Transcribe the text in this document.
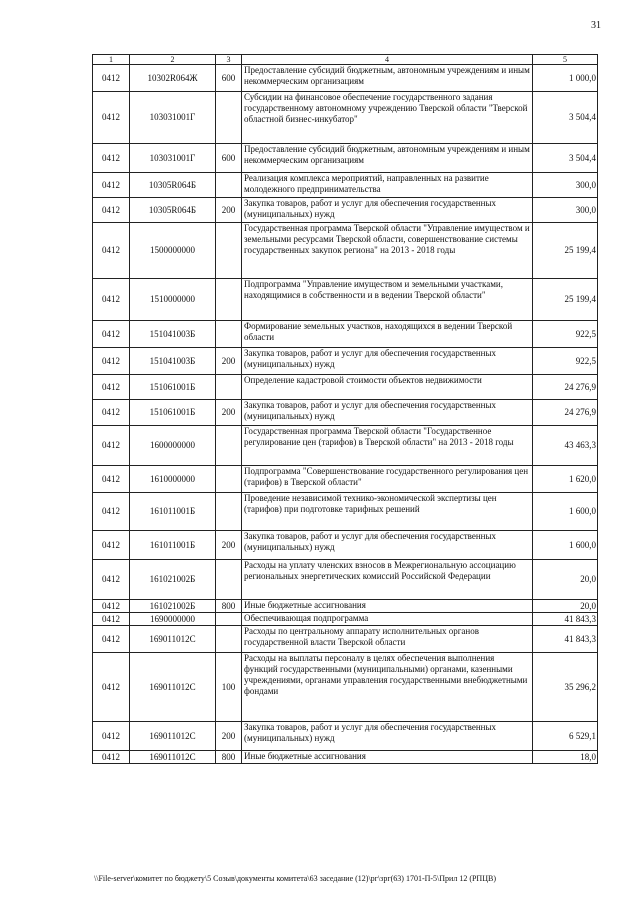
31
1	2	3	4	5
0412	10302R064Ж	600	Предоставление субсидий бюджетным, автономным учреждениям и иным некоммерческим организациям	1 000,0
0412	103031001Г		Субсидии на финансовое обеспечение государственного задания государственному автономному учреждению Тверской области "Тверской областной бизнес-инкубатор"	3 504,4
0412	103031001Г	600	Предоставление субсидий бюджетным, автономным учреждениям и иным некоммерческим организациям	3 504,4
0412	10305R064Б		Реализация комплекса мероприятий, направленных на развитие молодежного предпринимательства	300,0
0412	10305R064Б	200	Закупка товаров, работ и услуг для обеспечения государственных (муниципальных) нужд	300,0
0412	1500000000		Государственная программа Тверской области "Управление имуществом и земельными ресурсами Тверской области, совершенствование системы государственных закупок региона" на 2013 - 2018 годы	25 199,4
0412	1510000000		Подпрограмма "Управление имуществом и земельными участками, находящимися в собственности и в ведении Тверской области"	25 199,4
0412	151041003Б		Формирование земельных участков, находящихся в ведении Тверской области	922,5
0412	151041003Б	200	Закупка товаров, работ и услуг для обеспечения государственных (муниципальных) нужд	922,5
0412	151061001Б		Определение кадастровой стоимости объектов недвижимости	24 276,9
0412	151061001Б	200	Закупка товаров, работ и услуг для обеспечения государственных (муниципальных) нужд	24 276,9
0412	1600000000		Государственная программа Тверской области "Государственное регулирование цен (тарифов) в Тверской области" на 2013 - 2018 годы	43 463,3
0412	1610000000		Подпрограмма "Совершенствование государственного регулирования цен (тарифов) в Тверской области"	1 620,0
0412	161011001Б		Проведение независимой технико-экономической экспертизы цен (тарифов) при подготовке тарифных решений	1 600,0
0412	161011001Б	200	Закупка товаров, работ и услуг для обеспечения государственных (муниципальных) нужд	1 600,0
0412	161021002Б		Расходы на уплату членских взносов в Межрегиональную ассоциацию региональных энергетических комиссий Российской Федерации	20,0
0412	161021002Б	800	Иные бюджетные ассигнования	20,0
0412	1690000000		Обеспечивающая подпрограмма	41 843,3
0412	169011012С		Расходы по центральному аппарату исполнительных органов государственной власти Тверской области	41 843,3
0412	169011012С	100	Расходы на выплаты персоналу в целях обеспечения выполнения функций государственными (муниципальными) органами, казенными учреждениями, органами управления государственными внебюджетными фондами	35 296,2
0412	169011012С	200	Закупка товаров, работ и услуг для обеспечения государственных (муниципальных) нужд	6 529,1
0412	169011012С	800	Иные бюджетные ассигнования	18,0
\\File-server\комитет по бюджету\5 Созыв\документы комитета\63 заседание (12)\рг\зрг(63) 1701-П-5\Прил 12 (РПЦВ)
